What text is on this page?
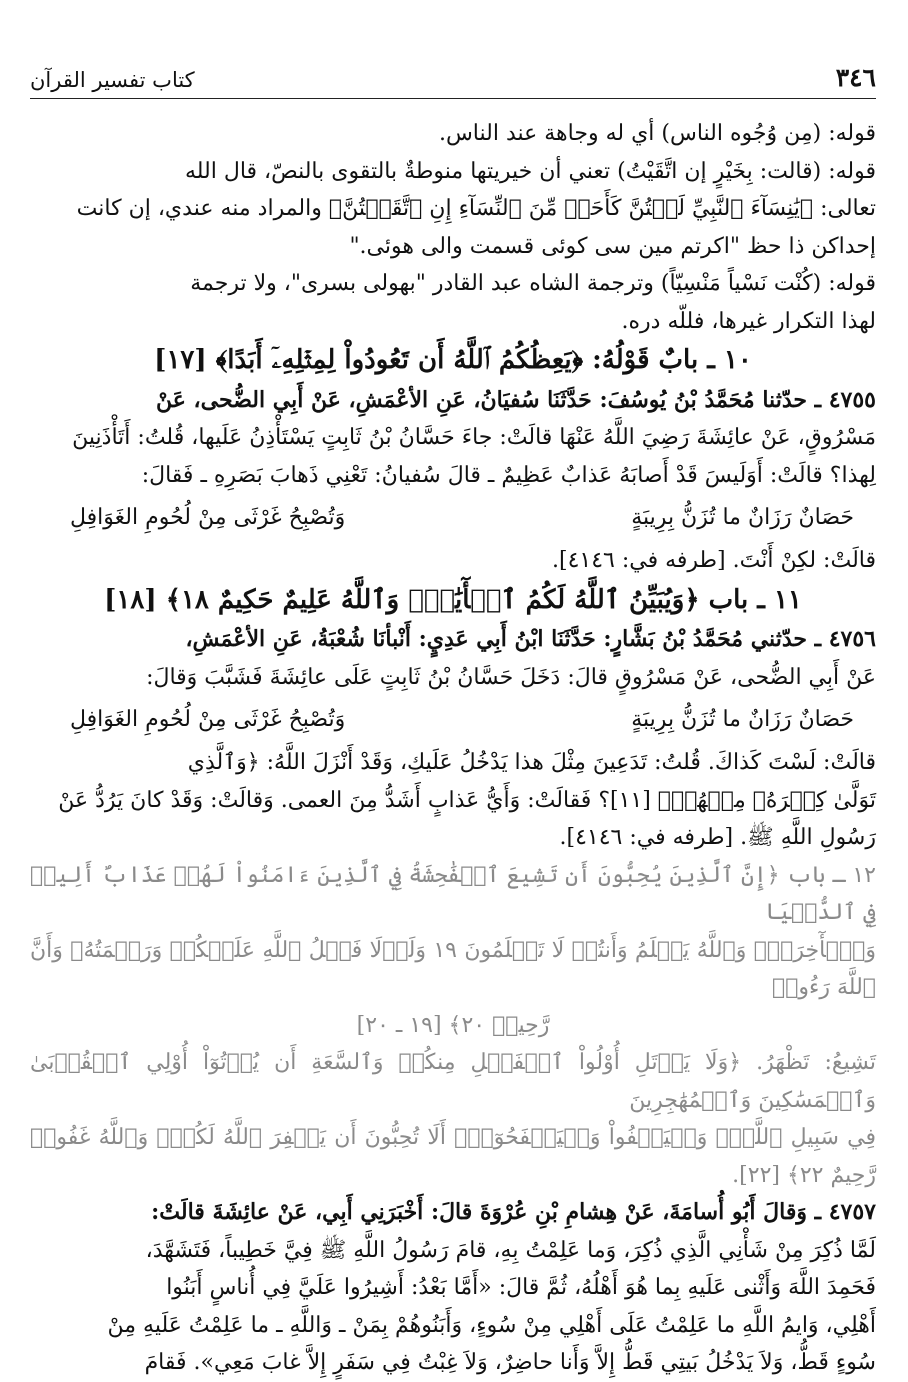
٣٤٦
كتاب تفسير القرآن

قوله: (مِن وُجُوه الناس) أي له وجاهة عند الناس.

قوله: (قالت: بِخَيْرٍ إن اتَّقَيْتُ) تعني أن خيريتها منوطةٌ بالتقوى بالنصّ، قال الله

تعالى: ﴿يَٰنِسَآءَ ٱلنَّبِيِّ لَسۡتُنَّ كَأَحَدٖ مِّنَ ٱلنِّسَآءِ إِنِ ٱتَّقَيۡتُنَّ﴾ والمراد منه عندي، إن كانت

إحداكن ذا حظ "اكرتم مين سى كوئى قسمت والى هوئى."

قوله: (كُنْت نَسْياً مَنْسِيّاً) وترجمة الشاه عبد القادر "بهولى بسرى"، ولا ترجمة

لهذا التكرار غيرها، فللّه دره.

١٠ ـ بابٌ قَوْلُهُ: ﴿يَعِظُكُمُ ٱللَّهُ أَن تَعُودُواْ لِمِثۡلِهِۦٓ أَبَدًا﴾ [١٧]

٤٧٥٥ ـ حدّثنا مُحَمَّدُ بْنُ يُوسُفَ: حَدَّثَنَا سُفيَانُ، عَنِ الأعْمَشِ، عَنْ أَبِي الضُّحى، عَنْ

مَسْرُوقٍ، عَنْ عائِشَةَ رَضِيَ اللَّهُ عَنْهَا قالَتْ: جاءَ حَسَّانُ بْنُ ثَابِتٍ يَسْتَأْذِنُ عَلَيها، قُلتُ: أَتَأْذَنِينَ

لِهذا؟ قالَتْ: أَوَلَيسَ قَدْ أَصابَهُ عَذابٌ عَظِيمٌ ـ قالَ سُفيانُ: تَعْنِي ذَهابَ بَصَرِهِ ـ فَقالَ:

حَصَانٌ رَزَانٌ ما تُزَنُّ بِرِيبَةٍ
وَتُصْبِحُ غَرْثَى مِنْ لُحُومِ الغَوَافِلِ

قالَتْ: لكِنْ أَنْتَ. [طرفه في: ٤١٤٦].

١١ ـ باب ﴿وَيُبَيِّنُ ٱللَّهُ لَكُمُ ٱلۡأٓيَٰتِۚ وَٱللَّهُ عَلِيمٌ حَكِيمٌ ١٨﴾ [١٨]

٤٧٥٦ ـ حدّثني مُحَمَّدُ بْنُ بَشَّارٍ: حَدَّثَنَا ابْنُ أَبِي عَدِيٍ: أَنْبأنَا شُعْبَةُ، عَنِ الأعْمَشِ،

عَنْ أَبِي الضُّحى، عَنْ مَسْرُوقٍ قالَ: دَخَلَ حَسَّانُ بْنُ ثَابِتٍ عَلَى عائِشَةَ فَشَبَّبَ وَقالَ:

حَصَانٌ رَزَانٌ ما تُزَنُّ بِرِيبَةٍ
وَتُصْبِحُ غَرْثَى مِنْ لُحُومِ الغَوَافِلِ

قالَتْ: لَسْتَ كَذاكَ. قُلتُ: تَدَعِينَ مِثْلَ هذا يَدْخُلُ عَلَيكِ، وَقَدْ أَنْزَلَ اللَّهُ: ﴿وَٱلَّذِي

تَوَلَّىٰ كِبۡرَهُۥ مِنۡهُمۡ﴾ [١١]؟ فَقالَتْ: وَأَيُّ عَذابٍ أَشَدُّ مِنَ العمى. وَقالَتْ: وَقَدْ كانَ يَرُدُّ عَنْ

رَسُولِ اللَّهِ ﷺ. [طرفه في: ٤١٤٦].

١٢ ـ باب ﴿إِنَّ ٱلَّذِينَ يُحِبُّونَ أَن تَشِيعَ ٱلۡفَٰحِشَةُ فِي ٱلَّذِينَ ءَامَنُواْ لَهُمۡ عَذَابٌ أَلِيمٞ فِي ٱلدُّنۡيَا

وَٱلۡأٓخِرَةِۚ وَٱللَّهُ يَعۡلَمُ وَأَنتُمۡ لَا تَعۡلَمُونَ ١٩ وَلَوۡلَا فَضۡلُ ٱللَّهِ عَلَيۡكُمۡ وَرَحۡمَتُهُۥ وَأَنَّ ٱللَّهَ رَءُوفٞ

رَّحِيمٞ ٢٠﴾ [١٩ ـ ٢٠]

تَشِيعُ: تَظْهَرُ. ﴿وَلَا يَأۡتَلِ أُوْلُواْ ٱلۡفَضۡلِ مِنكُمۡ وَٱلسَّعَةِ أَن يُؤۡتُوٓاْ أُوْلِي ٱلۡقُرۡبَىٰ وَٱلۡمَسَٰكِينَ وَٱلۡمُهَٰجِرِينَ

فِي سَبِيلِ ٱللَّهِۖ وَلۡيَعۡفُواْ وَلۡيَصۡفَحُوٓاْۗ أَلَا تُحِبُّونَ أَن يَغۡفِرَ ٱللَّهُ لَكُمۡۚ وَٱللَّهُ غَفُورٞ رَّحِيمٌ ٢٢﴾ [٢٢].

٤٧٥٧ ـ وَقالَ أَبُو أُسامَةَ، عَنْ هِشامِ بْنِ عُرْوَةَ قالَ: أَخْبَرَنِي أَبِي، عَنْ عائِشَةَ قالَتْ:

لَمَّا ذُكِرَ مِنْ شَأْنِي الَّذِي ذُكِرَ، وَما عَلِمْتُ بِهِ، قامَ رَسُولُ اللَّهِ ﷺ فِيَّ خَطِيباً، فَتَشَهَّدَ،

فَحَمِدَ اللَّهَ وَأَثْنى عَلَيهِ بِما هُوَ أَهْلُهُ، ثُمَّ قالَ: «أَمَّا بَعْدُ: أَشِيرُوا عَلَيَّ فِي أُناسٍ أَبَنُوا

أَهْلِي، وَايمُ اللَّهِ ما عَلِمْتُ عَلَى أَهْلِي مِنْ سُوءٍ، وَأَبَنُوهُمْ بِمَنْ ـ وَاللَّهِ ـ ما عَلِمْتُ عَلَيهِ مِنْ

سُوءٍ قَطُّ، وَلاَ يَدْخُلُ بَيتِي قَطُّ إِلاَّ وَأَنا حاضِرٌ، وَلاَ غِبْتُ فِي سَفَرٍ إِلاَّ غابَ مَعِي». فَقامَ
